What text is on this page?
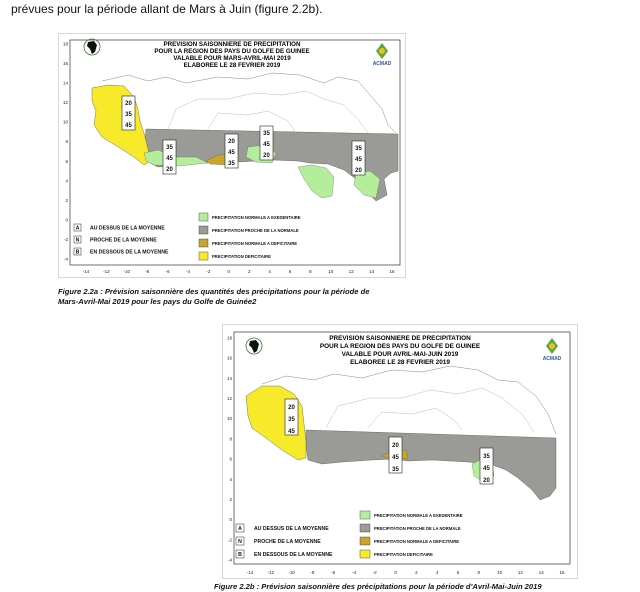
prévues pour la période allant de Mars à Juin (figure 2.2b).
20
35
45
35
45
20
20
45
35
35
45
20
35
45
20
PREVISION SAISONNIERE DE PRECIPITATION
POUR LA REGION DES PAYS DU GOLFE DE GUINEE
VALABLE POUR MARS-AVRIL-MAI 2019
ELABOREE LE 28 FEVRIER 2019	ACMAD
-14	-12	-10	-8	-6	-4	-2	0	2	4	6	8	10	12	14	16
18
16
14
12
10
8
6
4
2
0
-2
-4
A
N
B
AU DESSUS DE LA MOYENNE
PROCHE DE LA MOYENNE
EN DESSOUS DE LA MOYENNE
PRECIPITATION NORMALE A EXEDENTAIRE
PRECIPITATION PROCHE DE LA NORMALE
PRECIPITATION NORMALE A DEFICITAIRE
PRECIPITATION DEFICITAIRE
Figure 2.2a : Prévision saisonnière des quantités des précipitations pour la période de
Mars-Avril-Mai 2019 pour les pays du Golfe de Guinée2
20
35
45
20
45
35
35
45
20
PREVISION SAISONNIERE DE PRECIPITATION
POUR LA REGION DES PAYS DU GOLFE DE GUINEE
VALABLE POUR AVRIL-MAI-JUIN 2019
ELABOREE LE 28 FEVRIER 2019	ACMAD
-14	-12	-10	-8	-6	-4	-2	0	2	4	6	8	10	12	14	16
18
16
14
12
10
8
6
4
2
0
-2
-4
A
N
B
AU DESSUS DE LA MOYENNE
PROCHE DE LA MOYENNE
EN DESSOUS DE LA MOYENNE
PRECIPITATION NORMALE A EXEDENTAIRE
PRECIPITATION PROCHE DE LA NORMALE
PRECIPITATION NORMALE A DEFICITAIRE
PRECIPITATION DEFICITAIRE
Figure 2.2b : Prévision saisonnière des précipitations pour la période d'Avril-Mai-Juin 2019
